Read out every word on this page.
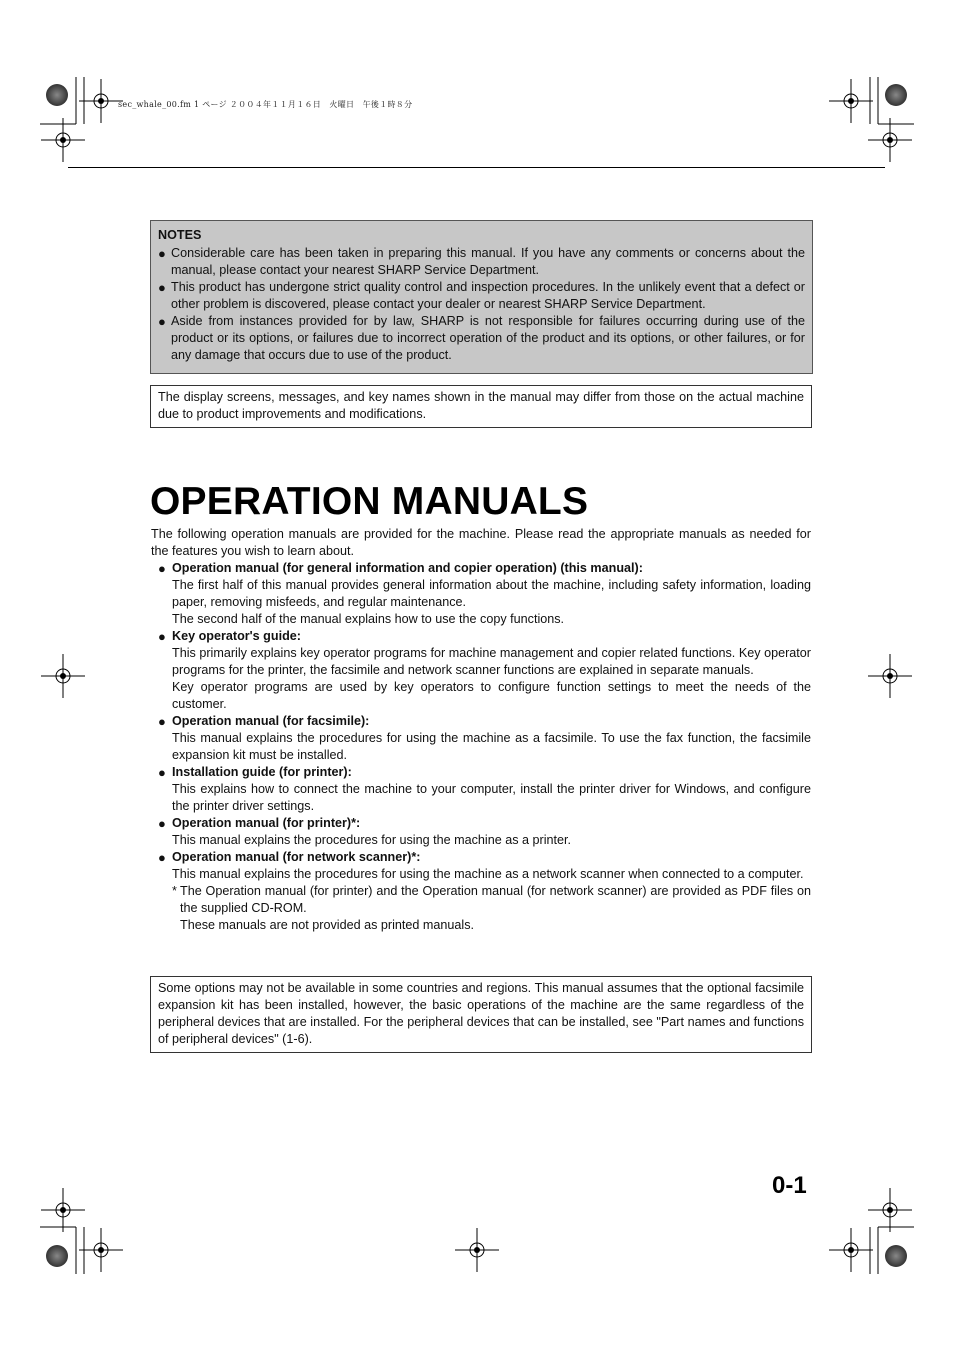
sec_whale_00.fm 1 ページ ２００４年１１月１６日　火曜日　午後１時８分
NOTES
● Considerable care has been taken in preparing this manual. If you have any comments or concerns about the manual, please contact your nearest SHARP Service Department.
● This product has undergone strict quality control and inspection procedures. In the unlikely event that a defect or other problem is discovered, please contact your dealer or nearest SHARP Service Department.
● Aside from instances provided for by law, SHARP is not responsible for failures occurring during use of the product or its options, or failures due to incorrect operation of the product and its options, or other failures, or for any damage that occurs due to use of the product.
The display screens, messages, and key names shown in the manual may differ from those on the actual machine due to product improvements and modifications.
OPERATION MANUALS
The following operation manuals are provided for the machine. Please read the appropriate manuals as needed for the features you wish to learn about.
● Operation manual (for general information and copier operation) (this manual):
The first half of this manual provides general information about the machine, including safety information, loading paper, removing misfeeds, and regular maintenance.
The second half of the manual explains how to use the copy functions.
● Key operator's guide:
This primarily explains key operator programs for machine management and copier related functions. Key operator programs for the printer, the facsimile and network scanner functions are explained in separate manuals.
Key operator programs are used by key operators to configure function settings to meet the needs of the customer.
● Operation manual (for facsimile):
This manual explains the procedures for using the machine as a facsimile. To use the fax function, the facsimile expansion kit must be installed.
● Installation guide (for printer):
This explains how to connect the machine to your computer, install the printer driver for Windows, and configure the printer driver settings.
● Operation manual (for printer)*:
This manual explains the procedures for using the machine as a printer.
● Operation manual (for network scanner)*:
This manual explains the procedures for using the machine as a network scanner when connected to a computer.
* The Operation manual (for printer) and the Operation manual (for network scanner) are provided as PDF files on the supplied CD-ROM.
These manuals are not provided as printed manuals.
Some options may not be available in some countries and regions. This manual assumes that the optional facsimile expansion kit has been installed, however, the basic operations of the machine are the same regardless of the peripheral devices that are installed. For the peripheral devices that can be installed, see "Part names and functions of peripheral devices" (1-6).
0-1
